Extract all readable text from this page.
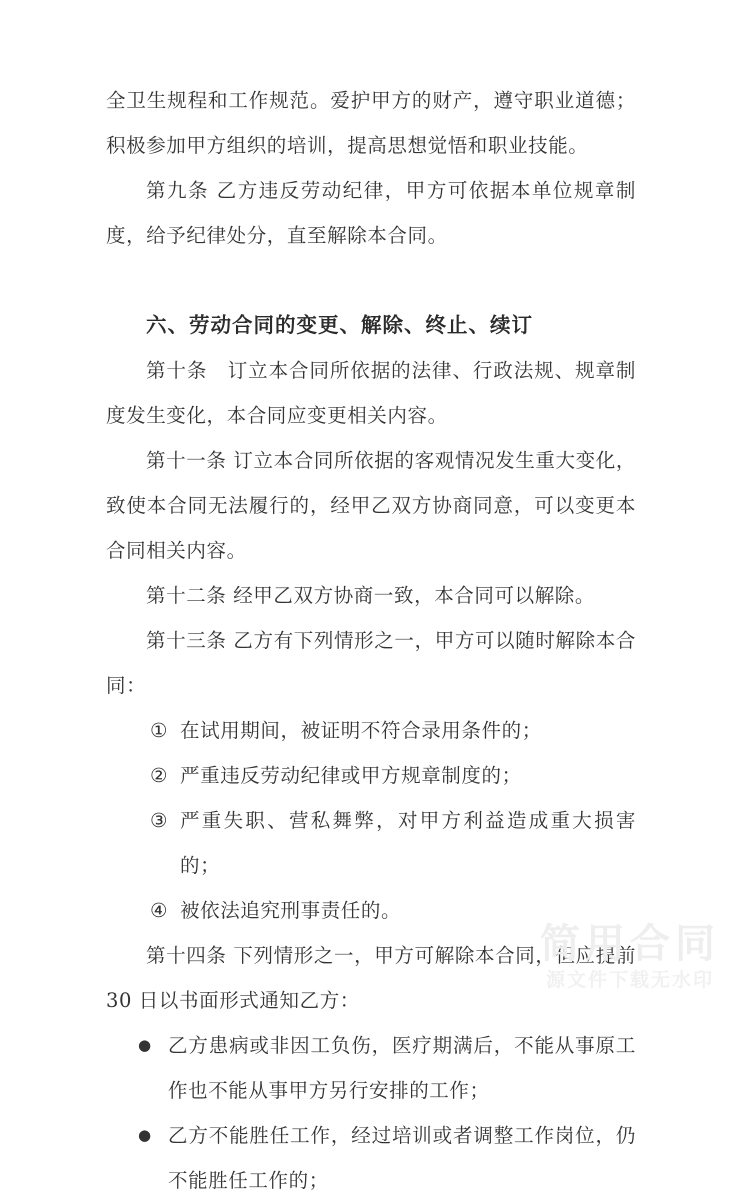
全卫生规程和工作规范。爱护甲方的财产，遵守职业道德；积极参加甲方组织的培训，提高思想觉悟和职业技能。

第九条 乙方违反劳动纪律，甲方可依据本单位规章制度，给予纪律处分，直至解除本合同。

六、劳动合同的变更、解除、终止、续订

第十条　订立本合同所依据的法律、行政法规、规章制度发生变化，本合同应变更相关内容。

第十一条 订立本合同所依据的客观情况发生重大变化，致使本合同无法履行的，经甲乙双方协商同意，可以变更本合同相关内容。

第十二条 经甲乙双方协商一致，本合同可以解除。

第十三条 乙方有下列情形之一，甲方可以随时解除本合同：

① 在试用期间，被证明不符合录用条件的；
② 严重违反劳动纪律或甲方规章制度的；
③ 严重失职、营私舞弊，对甲方利益造成重大损害的；
④ 被依法追究刑事责任的。

第十四条 下列情形之一，甲方可解除本合同，但应提前 30 日以书面形式通知乙方：

● 乙方患病或非因工负伤，医疗期满后，不能从事原工作也不能从事甲方另行安排的工作；
● 乙方不能胜任工作，经过培训或者调整工作岗位，仍不能胜任工作的；
简用合同
源文件下载无水印
